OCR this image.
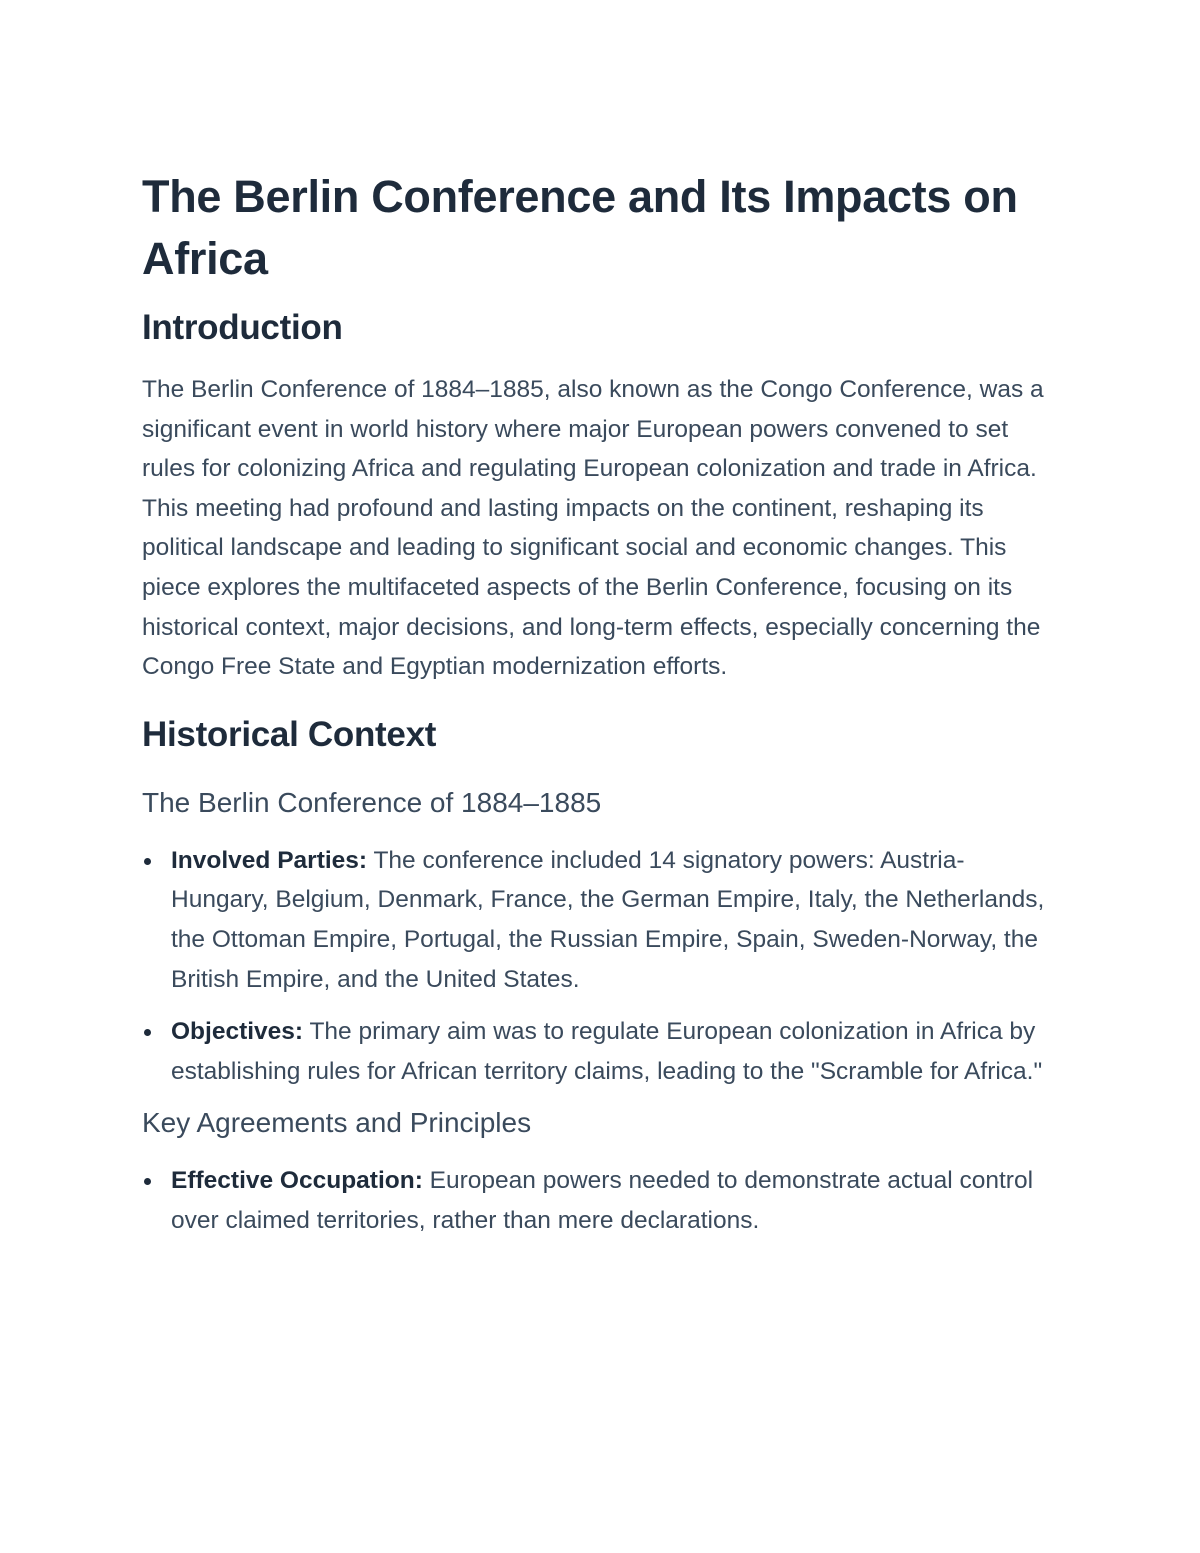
The Berlin Conference and Its Impacts on Africa
Introduction

The Berlin Conference of 1884–1885, also known as the Congo Conference, was a significant event in world history where major European powers convened to set rules for colonizing Africa and regulating European colonization and trade in Africa. This meeting had profound and lasting impacts on the continent, reshaping its political landscape and leading to significant social and economic changes. This piece explores the multifaceted aspects of the Berlin Conference, focusing on its historical context, major decisions, and long-term effects, especially concerning the Congo Free State and Egyptian modernization efforts.

Historical Context
The Berlin Conference of 1884–1885
Involved Parties: The conference included 14 signatory powers: Austria-Hungary, Belgium, Denmark, France, the German Empire, Italy, the Netherlands, the Ottoman Empire, Portugal, the Russian Empire, Spain, Sweden-Norway, the British Empire, and the United States.
Objectives: The primary aim was to regulate European colonization in Africa by establishing rules for African territory claims, leading to the "Scramble for Africa."
Key Agreements and Principles
Effective Occupation: European powers needed to demonstrate actual control over claimed territories, rather than mere declarations.
